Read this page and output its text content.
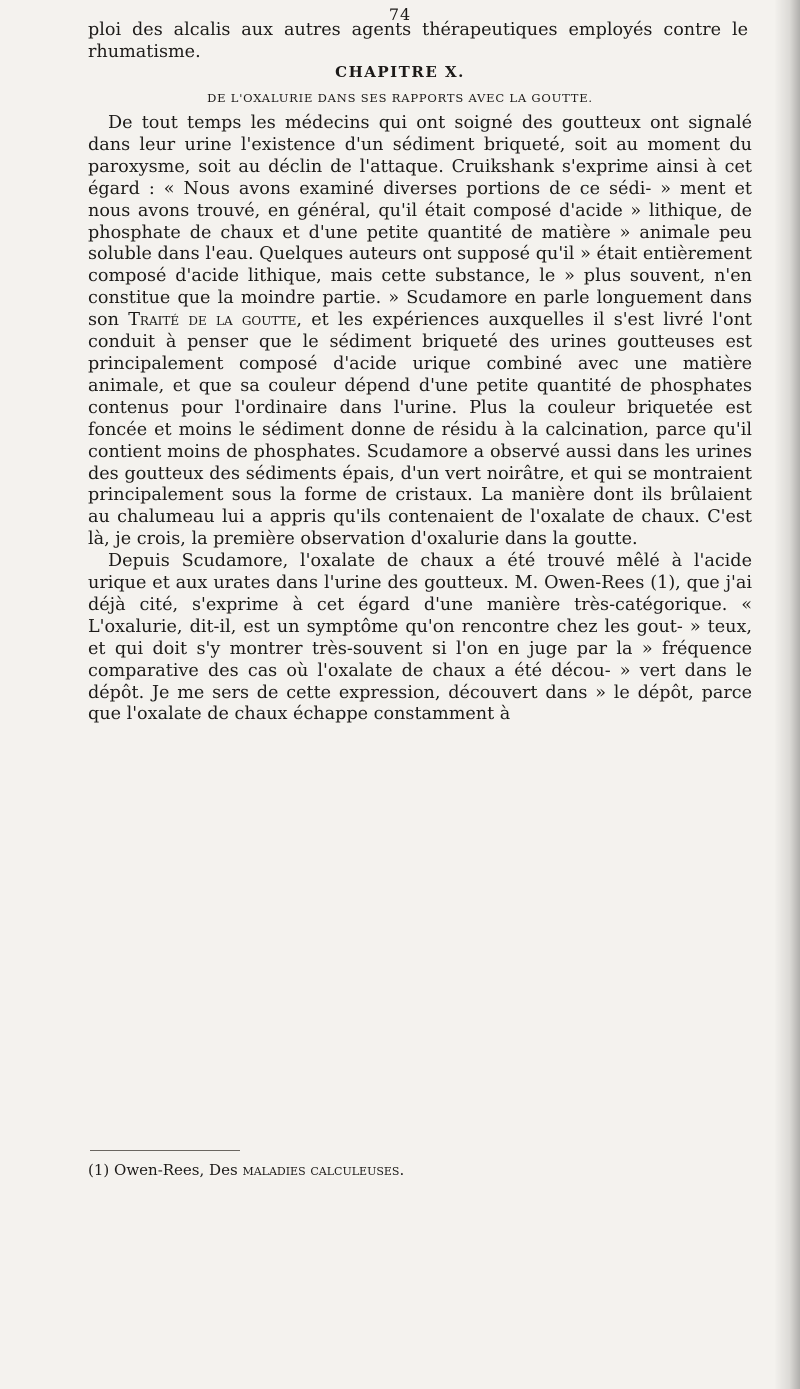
74

ploi des alcalis aux autres agents thérapeutiques employés contre le rhumatisme.

CHAPITRE X.
DE L'OXALURIE DANS SES RAPPORTS AVEC LA GOUTTE.

De tout temps les médecins qui ont soigné des goutteux ont signalé dans leur urine l'existence d'un sédiment briqueté, soit au moment du paroxysme, soit au déclin de l'attaque. Cruikshank s'exprime ainsi à cet égard : « Nous avons examiné diverses portions de ce sédi- » ment et nous avons trouvé, en général, qu'il était composé d'acide » lithique, de phosphate de chaux et d'une petite quantité de matière » animale peu soluble dans l'eau. Quelques auteurs ont supposé qu'il » était entièrement composé d'acide lithique, mais cette substance, le » plus souvent, n'en constitue que la moindre partie. » Scudamore en parle longuement dans son Traité de la goutte, et les expériences auxquelles il s'est livré l'ont conduit à penser que le sédiment briqueté des urines goutteuses est principalement composé d'acide urique combiné avec une matière animale, et que sa couleur dépend d'une petite quantité de phosphates contenus pour l'ordinaire dans l'urine. Plus la couleur briquetée est foncée et moins le sédiment donne de résidu à la calcination, parce qu'il contient moins de phosphates. Scudamore a observé aussi dans les urines des goutteux des sédiments épais, d'un vert noirâtre, et qui se montraient principalement sous la forme de cristaux. La manière dont ils brûlaient au chalumeau lui a appris qu'ils contenaient de l'oxalate de chaux. C'est là, je crois, la première observation d'oxalurie dans la goutte.

Depuis Scudamore, l'oxalate de chaux a été trouvé mêlé à l'acide urique et aux urates dans l'urine des goutteux. M. Owen-Rees (1), que j'ai déjà cité, s'exprime à cet égard d'une manière très-catégorique. « L'oxalurie, dit-il, est un symptôme qu'on rencontre chez les gout- » teux, et qui doit s'y montrer très-souvent si l'on en juge par la » fréquence comparative des cas où l'oxalate de chaux a été décou- » vert dans le dépôt. Je me sers de cette expression, découvert dans » le dépôt, parce que l'oxalate de chaux échappe constamment à

(1) Owen-Rees, Des maladies calculeuses.
